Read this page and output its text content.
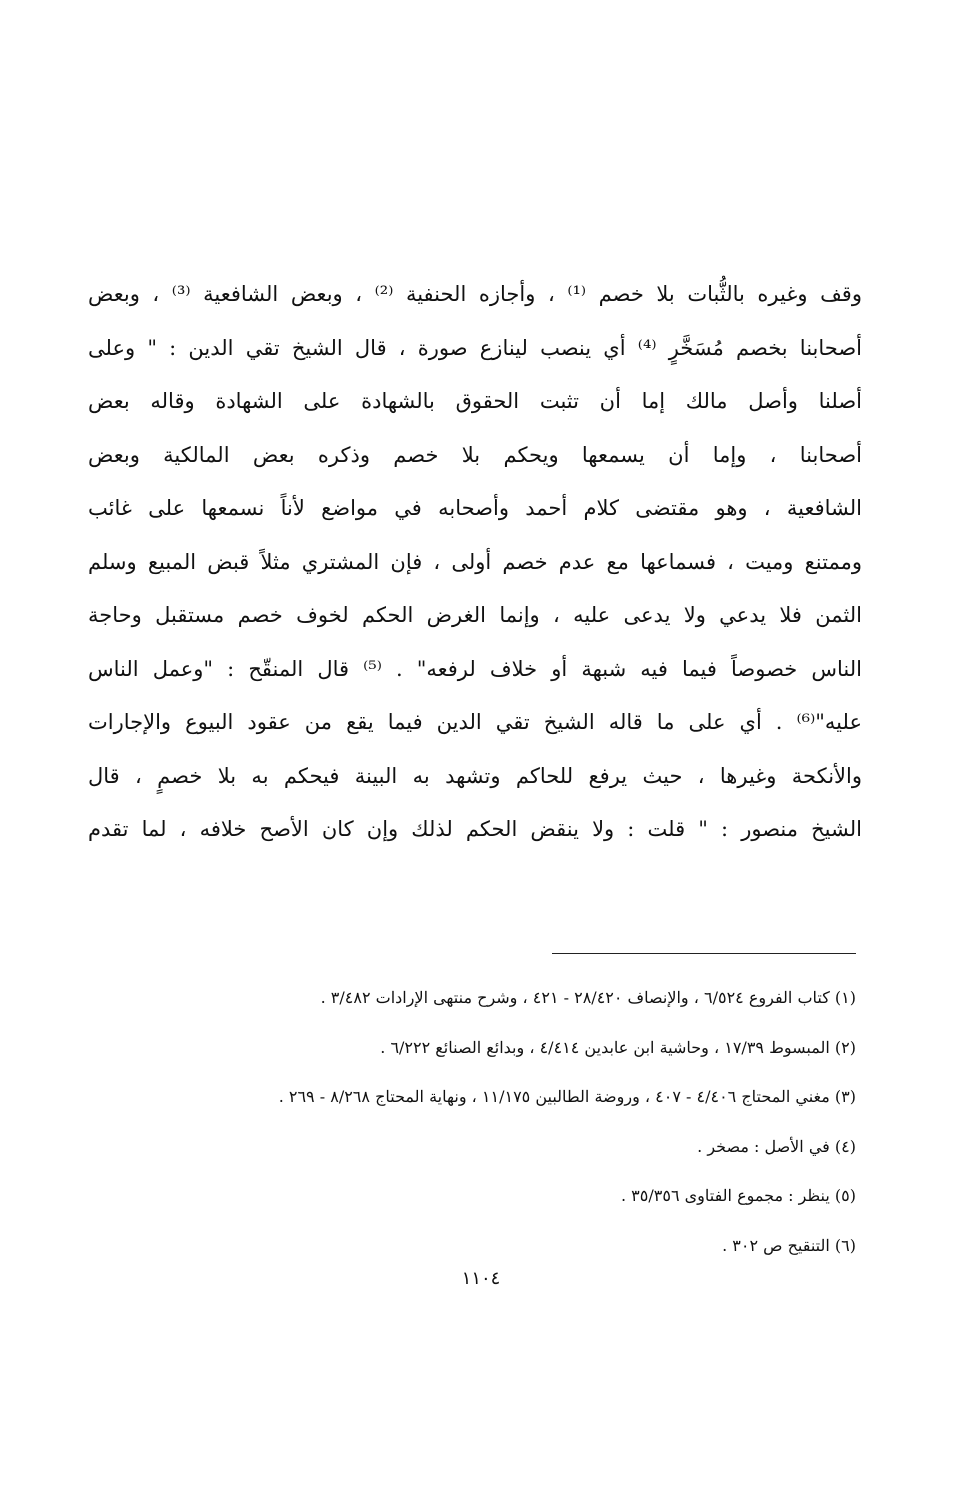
وقف وغيره بالثُّبات بلا خصم ⁽¹⁾ ، وأجازه الحنفية ⁽²⁾ ، وبعض الشافعية ⁽³⁾ ، وبعض
أصحابنا بخصم مُسَخَّرٍ ⁽⁴⁾ أي ينصب لينازع صورة ، قال الشيخ تقي الدين : " وعلى
أصلنا وأصل مالك إما أن تثبت الحقوق بالشهادة على الشهادة وقاله بعض
أصحابنا ، وإما أن يسمعها ويحكم بلا خصم وذكره بعض المالكية وبعض
الشافعية ، وهو مقتضى كلام أحمد وأصحابه في مواضع لأناً نسمعها على غائب
وممتنع وميت ، فسماعها مع عدم خصم أولى ، فإن المشتري مثلاً قبض المبيع وسلم
الثمن فلا يدعي ولا يدعى عليه ، وإنما الغرض الحكم لخوف خصم مستقبل وحاجة
الناس خصوصاً فيما فيه شبهة أو خلاف لرفعه" . ⁽⁵⁾ قال المنقّح : "وعمل الناس
عليه"⁽⁶⁾ . أي على ما قاله الشيخ تقي الدين فيما يقع من عقود البيوع والإجارات
والأنكحة وغيرها ، حيث يرفع للحاكم وتشهد به البينة فيحكم به بلا خصمٍ ، قال
الشيخ منصور : " قلت : ولا ينقض الحكم لذلك وإن كان الأصح خلافه ، لما تقدم
(١) كتاب الفروع ٦/٥٢٤ ، والإنصاف ٢٨/٤٢٠ - ٤٢١ ، وشرح منتهى الإرادات ٣/٤٨٢ .
(٢) المبسوط ١٧/٣٩ ، وحاشية ابن عابدين ٤/٤١٤ ، وبدائع الصنائع ٦/٢٢٢ .
(٣) مغني المحتاج ٤/٤٠٦ - ٤٠٧ ، وروضة الطالبين ١١/١٧٥ ، ونهاية المحتاج ٨/٢٦٨ - ٢٦٩ .
(٤) في الأصل : مصخر .
(٥) ينظر : مجموع الفتاوى ٣٥/٣٥٦ .
(٦) التنقيح ص ٣٠٢ .
١١٠٤
